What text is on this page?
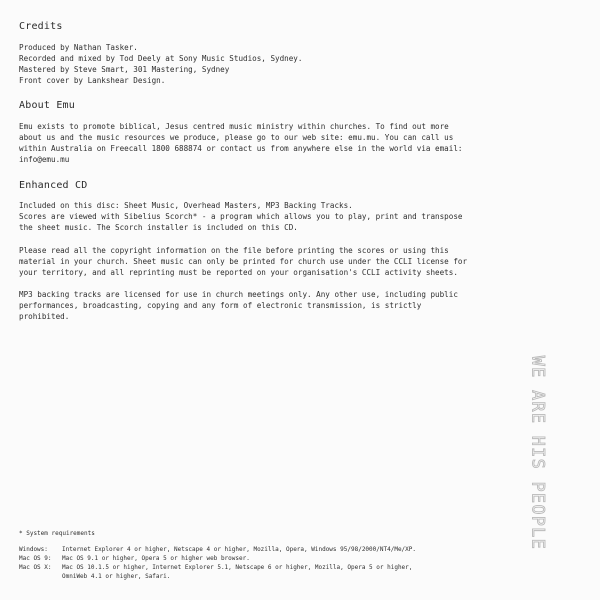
Credits

Produced by Nathan Tasker.

Recorded and mixed by Tod Deely at Sony Music Studios, Sydney.

Mastered by Steve Smart, 301 Mastering, Sydney

Front cover by Lankshear Design.

About Emu

Emu exists to promote biblical, Jesus centred music ministry within churches. To find out more

about us and the music resources we produce, please go to our web site: emu.mu. You can call us

within Australia on Freecall 1800 688874 or contact us from anywhere else in the world via email:

info@emu.mu

Enhanced CD

Included on this disc: Sheet Music, Overhead Masters, MP3 Backing Tracks.

Scores are viewed with Sibelius Scorch* - a program which allows you to play, print and transpose

the sheet music. The Scorch installer is included on this CD.

Please read all the copyright information on the file before printing the scores or using this

material in your church. Sheet music can only be printed for church use under the CCLI license for

your territory, and all reprinting must be reported on your organisation's CCLI activity sheets.

MP3 backing tracks are licensed for use in church meetings only. Any other use, including public

performances, broadcasting, copying and any form of electronic transmission, is strictly

prohibited.

WE ARE HIS PEOPLE

* System requirements

Windows: Internet Explorer 4 or higher, Netscape 4 or higher, Mozilla, Opera, Windows 95/98/2000/NT4/Me/XP.

Mac OS 9: Mac OS 9.1 or higher, Opera 5 or higher web browser.

Mac OS X: Mac OS 10.1.5 or higher, Internet Explorer 5.1, Netscape 6 or higher, Mozilla, Opera 5 or higher,

OmniWeb 4.1 or higher, Safari.
